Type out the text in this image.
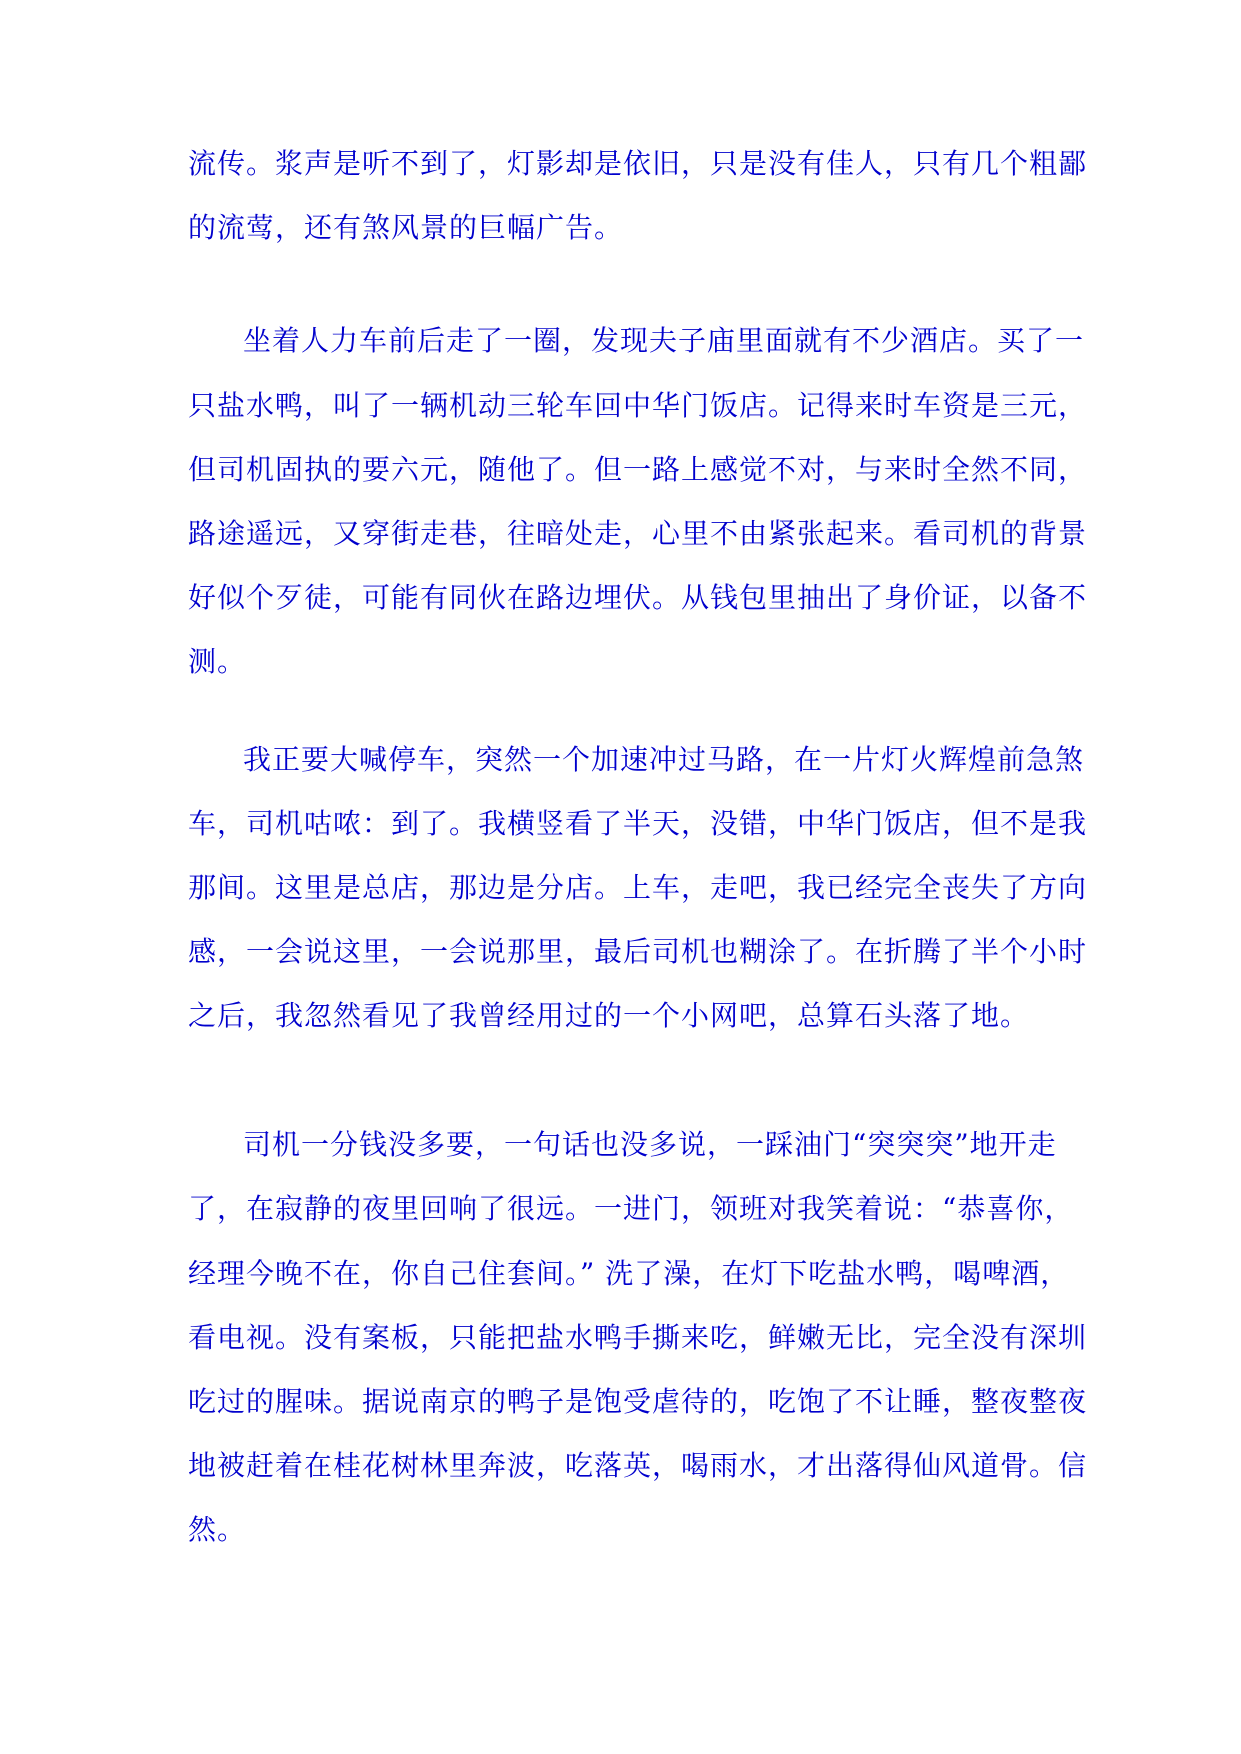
流传。浆声是听不到了，灯影却是依旧，只是没有佳人，只有几个粗鄙
的流莺，还有煞风景的巨幅广告。
坐着人力车前后走了一圈，发现夫子庙里面就有不少酒店。买了一
只盐水鸭，叫了一辆机动三轮车回中华门饭店。记得来时车资是三元，
但司机固执的要六元，随他了。但一路上感觉不对，与来时全然不同，
路途遥远，又穿街走巷，往暗处走，心里不由紧张起来。看司机的背景
好似个歹徒，可能有同伙在路边埋伏。从钱包里抽出了身价证，以备不
测。
我正要大喊停车，突然一个加速冲过马路，在一片灯火辉煌前急煞
车，司机咕哝：到了。我横竖看了半天，没错，中华门饭店，但不是我
那间。这里是总店，那边是分店。上车，走吧，我已经完全丧失了方向
感，一会说这里，一会说那里，最后司机也糊涂了。在折腾了半个小时
之后，我忽然看见了我曾经用过的一个小网吧，总算石头落了地。
司机一分钱没多要，一句话也没多说，一踩油门“突突突”地开走
了，在寂静的夜里回响了很远。一进门，领班对我笑着说：“恭喜你，
经理今晚不在，你自己住套间。” 洗了澡，在灯下吃盐水鸭，喝啤酒，
看电视。没有案板，只能把盐水鸭手撕来吃，鲜嫩无比，完全没有深圳
吃过的腥味。据说南京的鸭子是饱受虐待的，吃饱了不让睡，整夜整夜
地被赶着在桂花树林里奔波，吃落英，喝雨水，才出落得仙风道骨。信
然。
